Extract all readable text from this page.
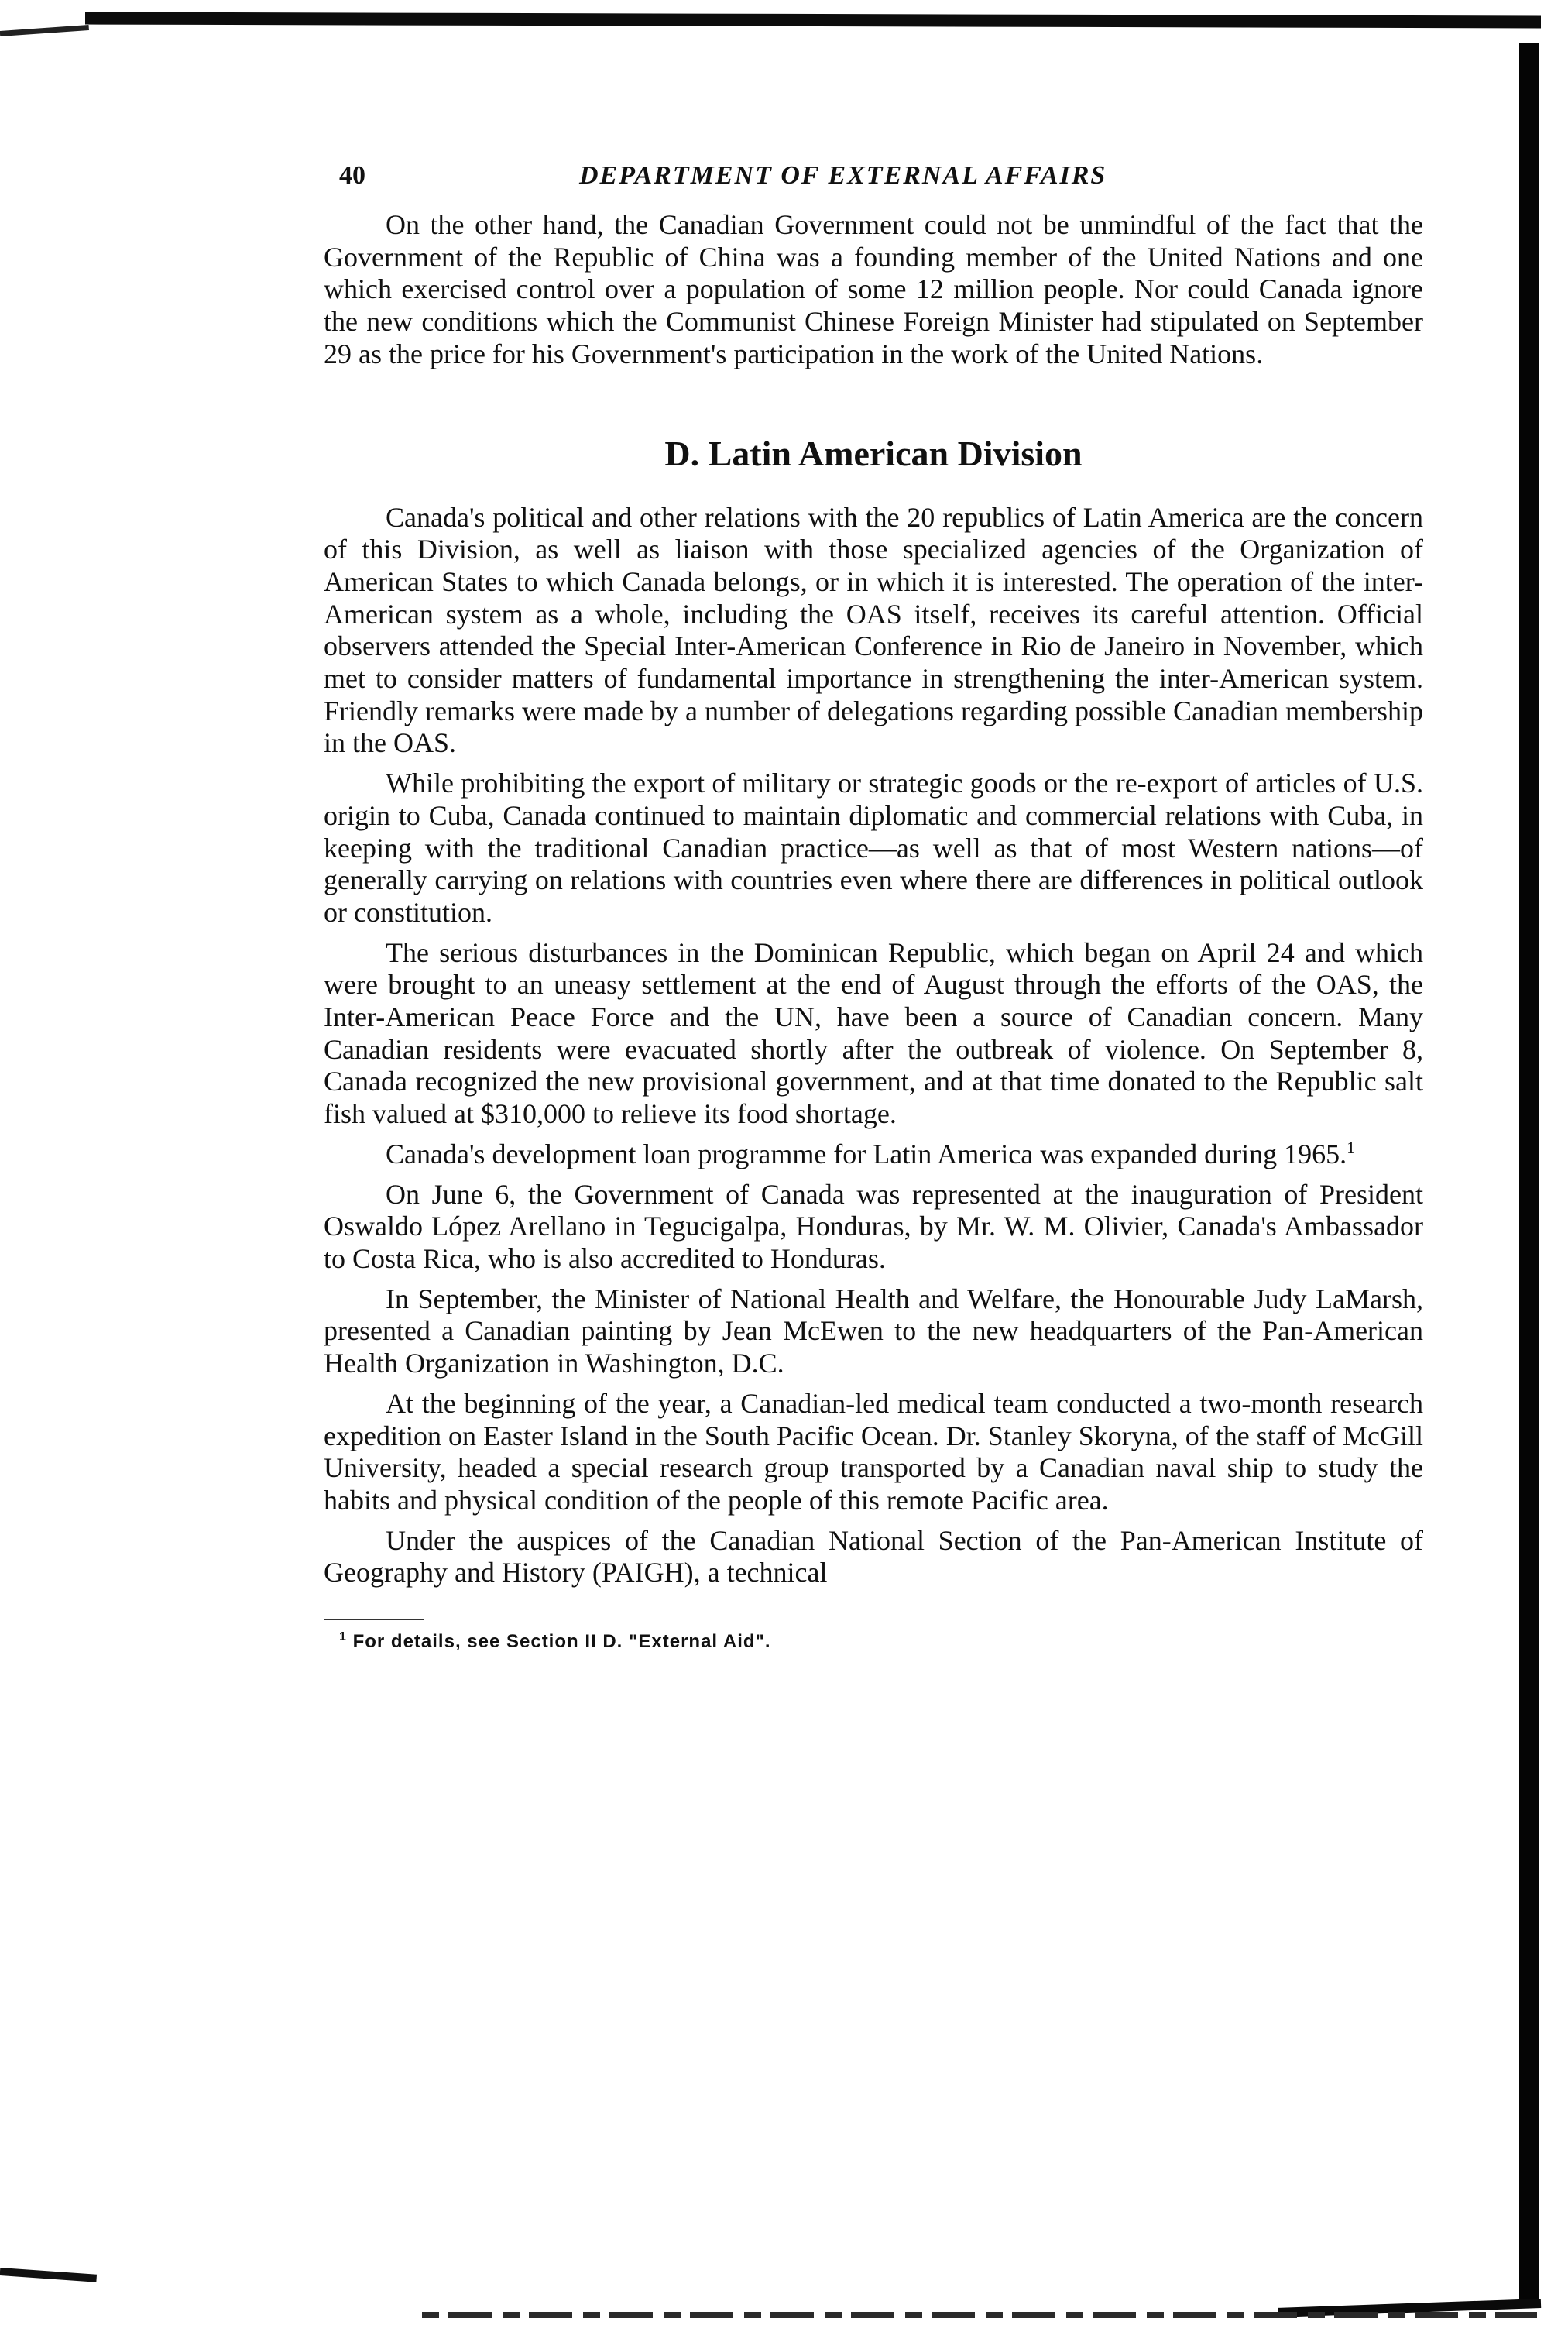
40	DEPARTMENT OF EXTERNAL AFFAIRS

On the other hand, the Canadian Government could not be unmindful of the fact that the Government of the Republic of China was a founding member of the United Nations and one which exercised control over a population of some 12 million people. Nor could Canada ignore the new conditions which the Communist Chinese Foreign Minister had stipulated on September 29 as the price for his Government's participation in the work of the United Nations.

D. Latin American Division

Canada's political and other relations with the 20 republics of Latin America are the concern of this Division, as well as liaison with those specialized agencies of the Organization of American States to which Canada belongs, or in which it is interested. The operation of the inter-American system as a whole, including the OAS itself, receives its careful attention. Official observers attended the Special Inter-American Conference in Rio de Janeiro in November, which met to consider matters of fundamental importance in strengthening the inter-American system. Friendly remarks were made by a number of delegations regarding possible Canadian membership in the OAS.

While prohibiting the export of military or strategic goods or the re-export of articles of U.S. origin to Cuba, Canada continued to maintain diplomatic and commercial relations with Cuba, in keeping with the traditional Canadian practice—as well as that of most Western nations—of generally carrying on relations with countries even where there are differences in political outlook or constitution.

The serious disturbances in the Dominican Republic, which began on April 24 and which were brought to an uneasy settlement at the end of August through the efforts of the OAS, the Inter-American Peace Force and the UN, have been a source of Canadian concern. Many Canadian residents were evacuated shortly after the outbreak of violence. On September 8, Canada recognized the new provisional government, and at that time donated to the Republic salt fish valued at $310,000 to relieve its food shortage.

Canada's development loan programme for Latin America was expanded during 1965.$^1$

On June 6, the Government of Canada was represented at the inauguration of President Oswaldo López Arellano in Tegucigalpa, Honduras, by Mr. W. M. Olivier, Canada's Ambassador to Costa Rica, who is also accredited to Honduras.

In September, the Minister of National Health and Welfare, the Honourable Judy LaMarsh, presented a Canadian painting by Jean McEwen to the new headquarters of the Pan-American Health Organization in Washington, D.C.

At the beginning of the year, a Canadian-led medical team conducted a two-month research expedition on Easter Island in the South Pacific Ocean. Dr. Stanley Skoryna, of the staff of McGill University, headed a special research group transported by a Canadian naval ship to study the habits and physical condition of the people of this remote Pacific area.

Under the auspices of the Canadian National Section of the Pan-American Institute of Geography and History (PAIGH), a technical

$^1$ For details, see Section II D. "External Aid".
